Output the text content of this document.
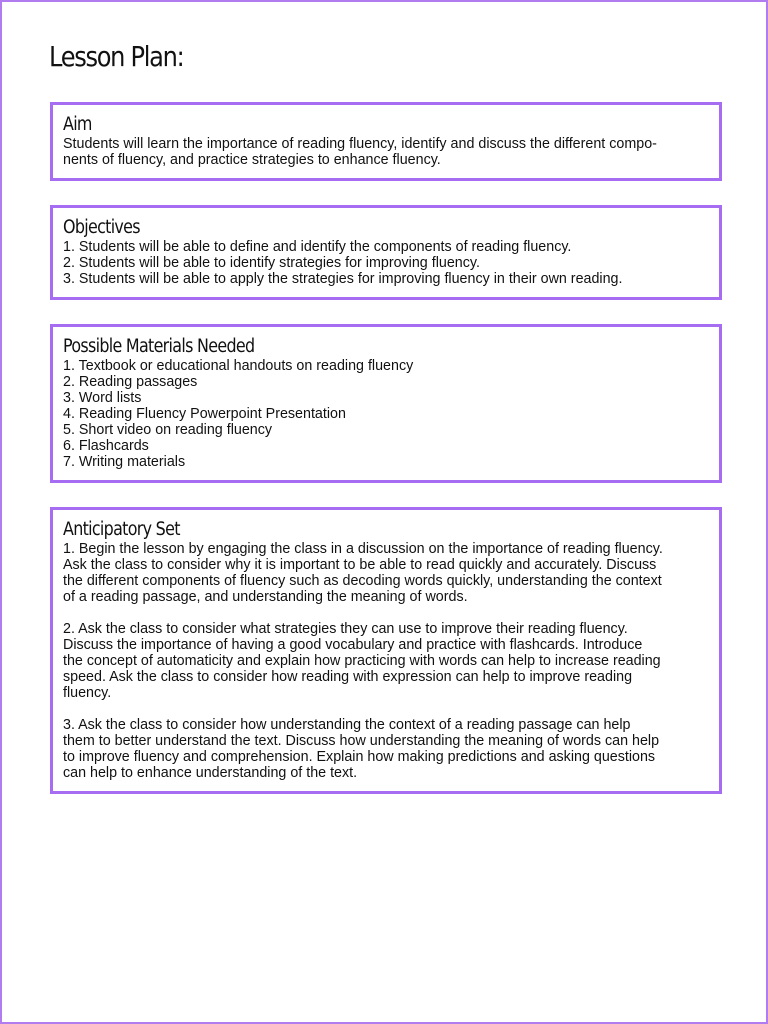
Lesson Plan:
Aim

Students will learn the importance of reading fluency, identify and discuss the different compo-
nents of fluency, and practice strategies to enhance fluency.

Objectives
1. Students will be able to define and identify the components of reading fluency.
2. Students will be able to identify strategies for improving fluency.
3. Students will be able to apply the strategies for improving fluency in their own reading.
Possible Materials Needed
1. Textbook or educational handouts on reading fluency
2. Reading passages
3. Word lists
4. Reading Fluency Powerpoint Presentation
5. Short video on reading fluency
6. Flashcards
7. Writing materials
Anticipatory Set
1. Begin the lesson by engaging the class in a discussion on the importance of reading fluency.
Ask the class to consider why it is important to be able to read quickly and accurately. Discuss
the different components of fluency such as decoding words quickly, understanding the context
of a reading passage, and understanding the meaning of words.
2. Ask the class to consider what strategies they can use to improve their reading fluency.
Discuss the importance of having a good vocabulary and practice with flashcards. Introduce
the concept of automaticity and explain how practicing with words can help to increase reading
speed. Ask the class to consider how reading with expression can help to improve reading
fluency.
3. Ask the class to consider how understanding the context of a reading passage can help
them to better understand the text. Discuss how understanding the meaning of words can help
to improve fluency and comprehension. Explain how making predictions and asking questions
can help to enhance understanding of the text.
